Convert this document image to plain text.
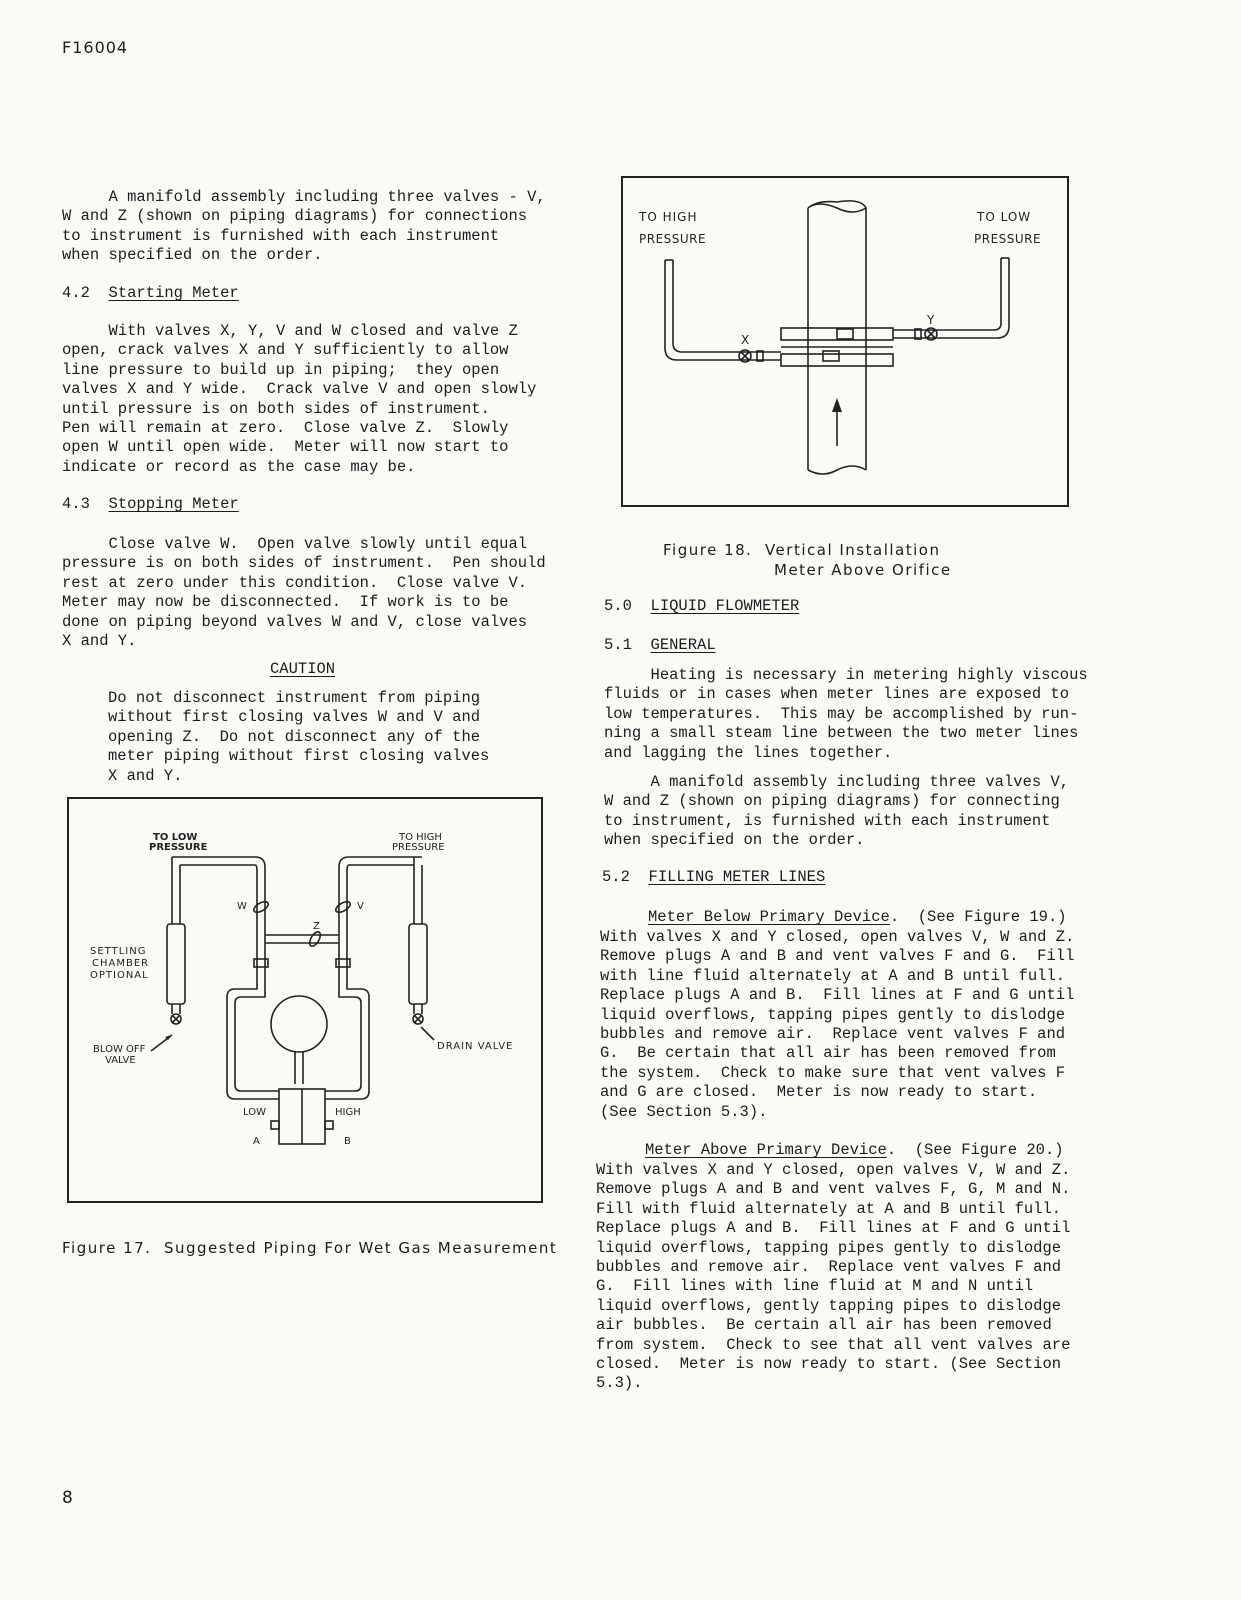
F16004
8
A manifold assembly including three valves - V,
W and Z (shown on piping diagrams) for connections
to instrument is furnished with each instrument
when specified on the order.
4.2 Starting Meter
With valves X, Y, V and W closed and valve Z
open, crack valves X and Y sufficiently to allow
line pressure to build up in piping;  they open
valves X and Y wide.  Crack valve V and open slowly
until pressure is on both sides of instrument.
Pen will remain at zero.  Close valve Z.  Slowly
open W until open wide.  Meter will now start to
indicate or record as the case may be.
4.3 Stopping Meter
Close valve W.  Open valve slowly until equal
pressure is on both sides of instrument.  Pen should
rest at zero under this condition.  Close valve V.
Meter may now be disconnected.  If work is to be
done on piping beyond valves W and V, close valves
X and Y.
CAUTION
Do not disconnect instrument from piping
without first closing valves W and V and
opening Z.  Do not disconnect any of the
meter piping without first closing valves
X and Y.
TO LOW
PRESSURE
TO HIGH
PRESSURE
SETTLING
CHAMBER
OPTIONAL
BLOW OFF
VALVE
DRAIN VALVE
W	V
Z
LOW	HIGH
A	B
Figure 17.  Suggested Piping For Wet Gas Measurement
TO HIGH
PRESSURE
TO LOW
PRESSURE
X
Y
Figure 18.  Vertical Installation
Meter Above Orifice
5.0 LIQUID FLOWMETER
5.1 GENERAL
Heating is necessary in metering highly viscous
fluids or in cases when meter lines are exposed to
low temperatures.  This may be accomplished by run-
ning a small steam line between the two meter lines
and lagging the lines together.
A manifold assembly including three valves V,
W and Z (shown on piping diagrams) for connecting
to instrument, is furnished with each instrument
when specified on the order.
5.2 FILLING METER LINES
Meter Below Primary Device.  (See Figure 19.)
With valves X and Y closed, open valves V, W and Z.
Remove plugs A and B and vent valves F and G.  Fill
with line fluid alternately at A and B until full.
Replace plugs A and B.  Fill lines at F and G until
liquid overflows, tapping pipes gently to dislodge
bubbles and remove air.  Replace vent valves F and
G.  Be certain that all air has been removed from
the system.  Check to make sure that vent valves F
and G are closed.  Meter is now ready to start.
(See Section 5.3).
Meter Above Primary Device.  (See Figure 20.)
With valves X and Y closed, open valves V, W and Z.
Remove plugs A and B and vent valves F, G, M and N.
Fill with fluid alternately at A and B until full.
Replace plugs A and B.  Fill lines at F and G until
liquid overflows, tapping pipes gently to dislodge
bubbles and remove air.  Replace vent valves F and
G.  Fill lines with line fluid at M and N until
liquid overflows, gently tapping pipes to dislodge
air bubbles.  Be certain all air has been removed
from system.  Check to see that all vent valves are
closed.  Meter is now ready to start. (See Section
5.3).
